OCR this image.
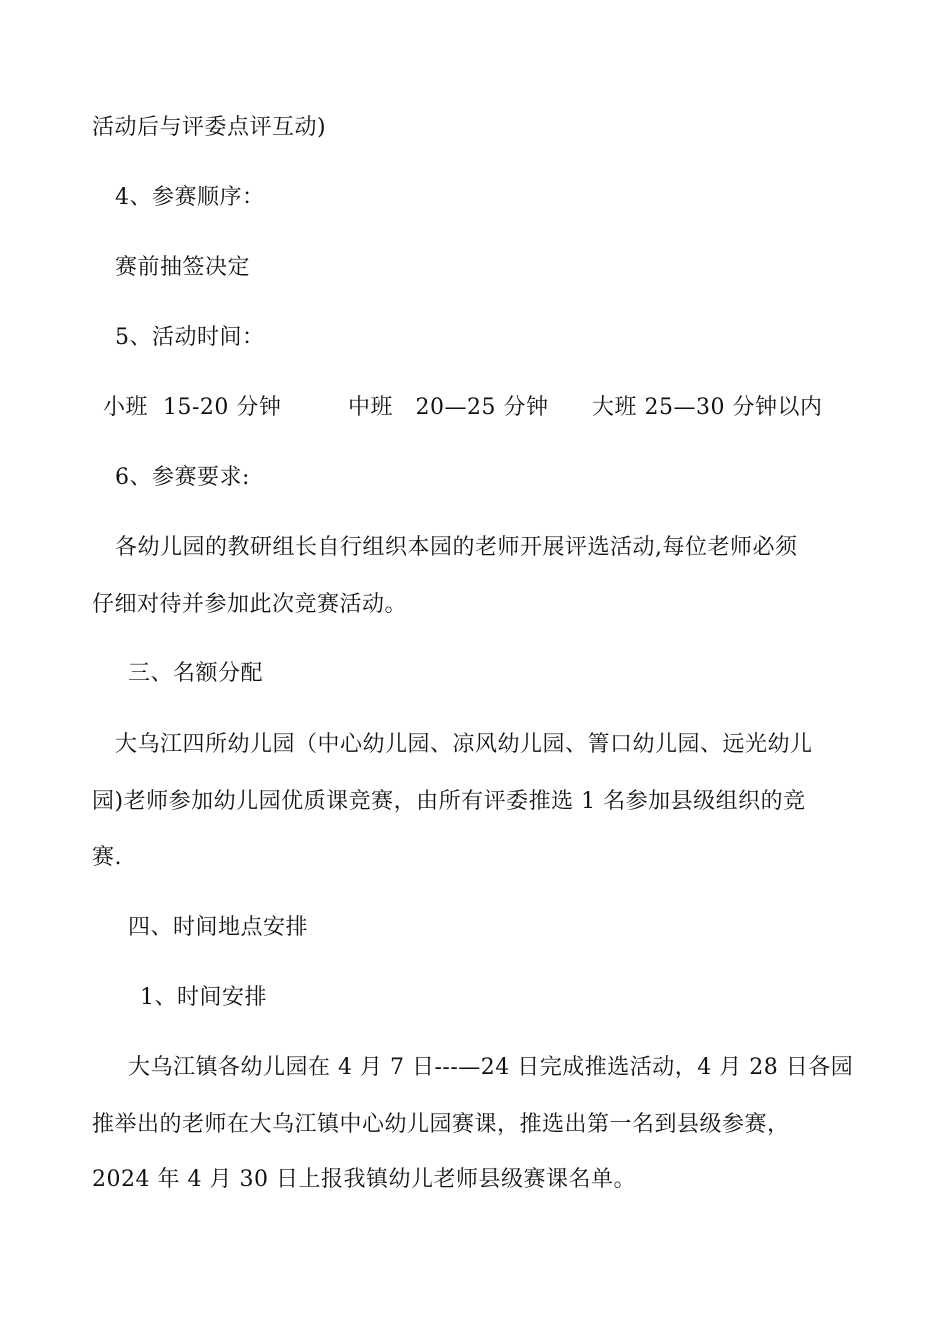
活动后与评委点评互动)
4、参赛顺序：
赛前抽签决定
5、活动时间：

小班  15-20 分钟

	中班   20—25 分钟

大班 25—30 分钟以内

6、参赛要求:
各幼儿园的教研组长自行组织本园的老师开展评选活动,每位老师必须
仔细对待并参加此次竞赛活动。
三、名额分配
大乌江四所幼儿园（中心幼儿园、凉风幼儿园、箐口幼儿园、远光幼儿
园)老师参加幼儿园优质课竞赛，由所有评委推选 1 名参加县级组织的竞
赛.
四、时间地点安排
1、时间安排
大乌江镇各幼儿园在 4 月 7 日---—24 日完成推选活动，4 月 28 日各园
推举出的老师在大乌江镇中心幼儿园赛课，推选出第一名到县级参赛，
2024 年 4 月 30 日上报我镇幼儿老师县级赛课名单。
